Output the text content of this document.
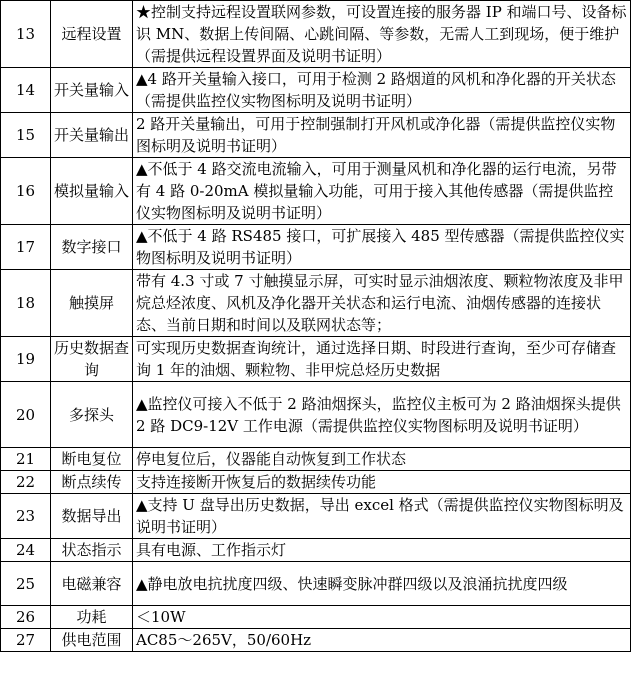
13	远程设置	★控制支持远程设置联网参数，可设置连接的服务器 IP 和端口号、设备标识 MN、数据上传间隔、心跳间隔、等参数，无需人工到现场，便于维护（需提供远程设置界面及说明书证明）
14	开关量输入	▲4 路开关量输入接口，可用于检测 2 路烟道的风机和净化器的开关状态（需提供监控仪实物图标明及说明书证明）
15	开关量输出	2 路开关量输出，可用于控制强制打开风机或净化器（需提供监控仪实物图标明及说明书证明）
16	模拟量输入	▲不低于 4 路交流电流输入，可用于测量风机和净化器的运行电流，另带有 4 路 0-20mA 模拟量输入功能，可用于接入其他传感器（需提供监控仪实物图标明及说明书证明）
17	数字接口	▲不低于 4 路 RS485 接口，可扩展接入 485 型传感器（需提供监控仪实物图标明及说明书证明）
18	触摸屏	带有 4.3 寸或 7 寸触摸显示屏，可实时显示油烟浓度、颗粒物浓度及非甲烷总烃浓度、风机及净化器开关状态和运行电流、油烟传感器的连接状态、当前日期和时间以及联网状态等；
19	历史数据查询	可实现历史数据查询统计，通过选择日期、时段进行查询，至少可存储查询 1 年的油烟、颗粒物、非甲烷总烃历史数据
20	多探头	▲监控仪可接入不低于 2 路油烟探头，监控仪主板可为 2 路油烟探头提供 2 路 DC9-12V 工作电源（需提供监控仪实物图标明及说明书证明）
21	断电复位	停电复位后，仪器能自动恢复到工作状态
22	断点续传	支持连接断开恢复后的数据续传功能
23	数据导出	▲支持 U 盘导出历史数据，导出 excel 格式（需提供监控仪实物图标明及说明书证明）
24	状态指示	具有电源、工作指示灯
25	电磁兼容	▲静电放电抗扰度四级、快速瞬变脉冲群四级以及浪涌抗扰度四级
26	功耗	＜10W
27	供电范围	AC85～265V，50/60Hz
